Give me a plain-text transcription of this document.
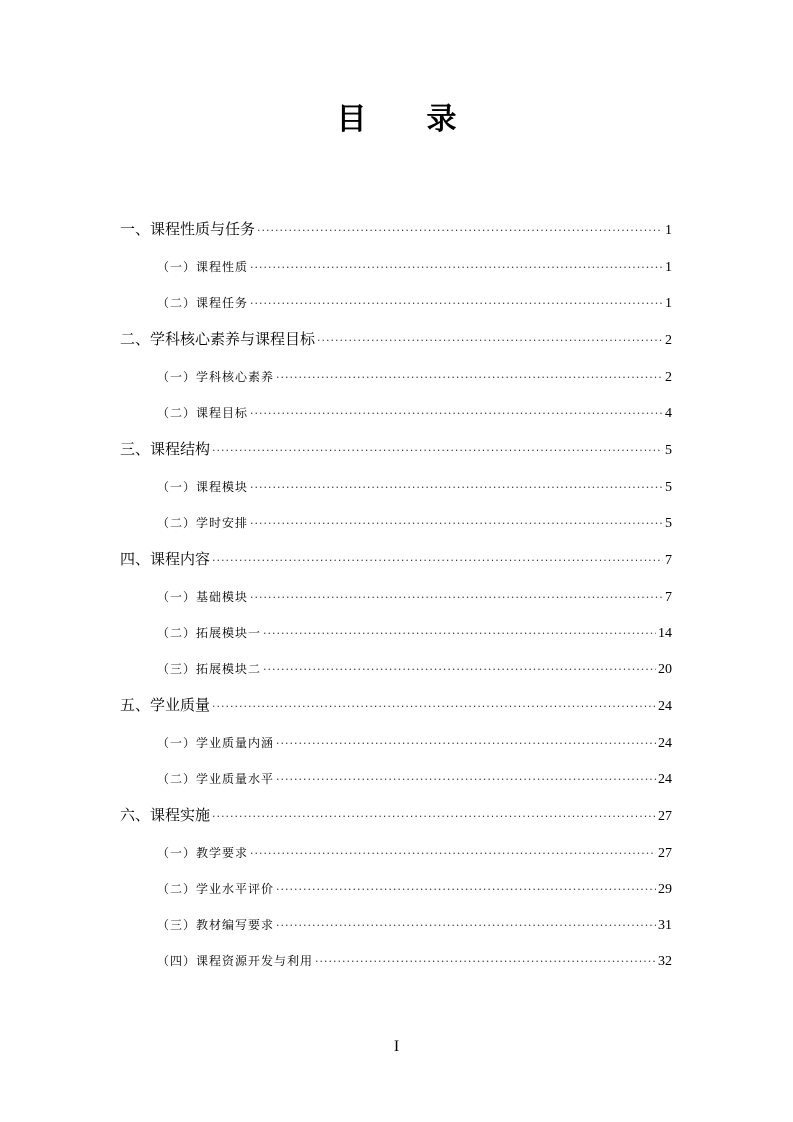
目录
一、课程性质与任务 ·····	1
（一）课程性质 ·····	1
（二）课程任务 ·····	1
二、学科核心素养与课程目标 ·····	2
（一）学科核心素养 ·····	2
（二）课程目标 ·····	4
三、课程结构 ·····	5
（一）课程模块 ·····	5
（二）学时安排 ·····	5
四、课程内容 ·····	7
（一）基础模块 ·····	7
（二）拓展模块一 ·····	14
（三）拓展模块二 ·····	20
五、学业质量 ·····	24
（一）学业质量内涵 ·····	24
（二）学业质量水平 ·····	24
六、课程实施 ·····	27
（一）教学要求 ·····	27
（二）学业水平评价 ·····	29
（三）教材编写要求 ·····	31
（四）课程资源开发与利用 ·····	32
I
